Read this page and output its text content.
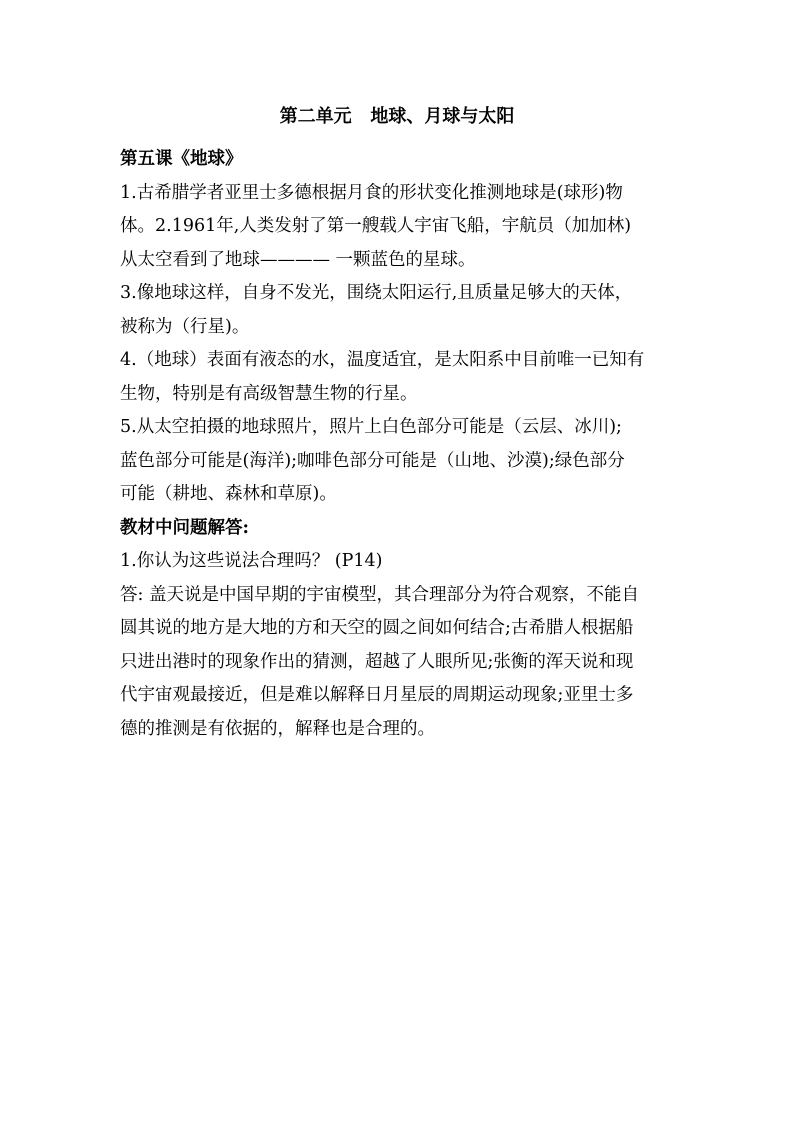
第二单元   地球、月球与太阳
第五课《地球》
1.古希腊学者亚里士多德根据月食的形状变化推测地球是(球形)物
体。2.1961年,人类发射了第一艘载人宇宙飞船，宇航员（加加林)
从太空看到了地球———— 一颗蓝色的星球。
3.像地球这样，自身不发光，围绕太阳运行,且质量足够大的天体，
被称为（行星)。
4.（地球）表面有液态的水，温度适宜，是太阳系中目前唯一已知有
生物，特别是有高级智慧生物的行星。
5.从太空拍摄的地球照片，照片上白色部分可能是（云层、冰川);
蓝色部分可能是(海洋);咖啡色部分可能是（山地、沙漠);绿色部分
可能（耕地、森林和草原)。
教材中问题解答:
1.你认为这些说法合理吗？ (P14)
答: 盖天说是中国早期的宇宙模型，其合理部分为符合观察，不能自
圆其说的地方是大地的方和天空的圆之间如何结合;古希腊人根据船
只进出港时的现象作出的猜测，超越了人眼所见;张衡的浑天说和现
代宇宙观最接近，但是难以解释日月星辰的周期运动现象;亚里士多
德的推测是有依据的，解释也是合理的。
